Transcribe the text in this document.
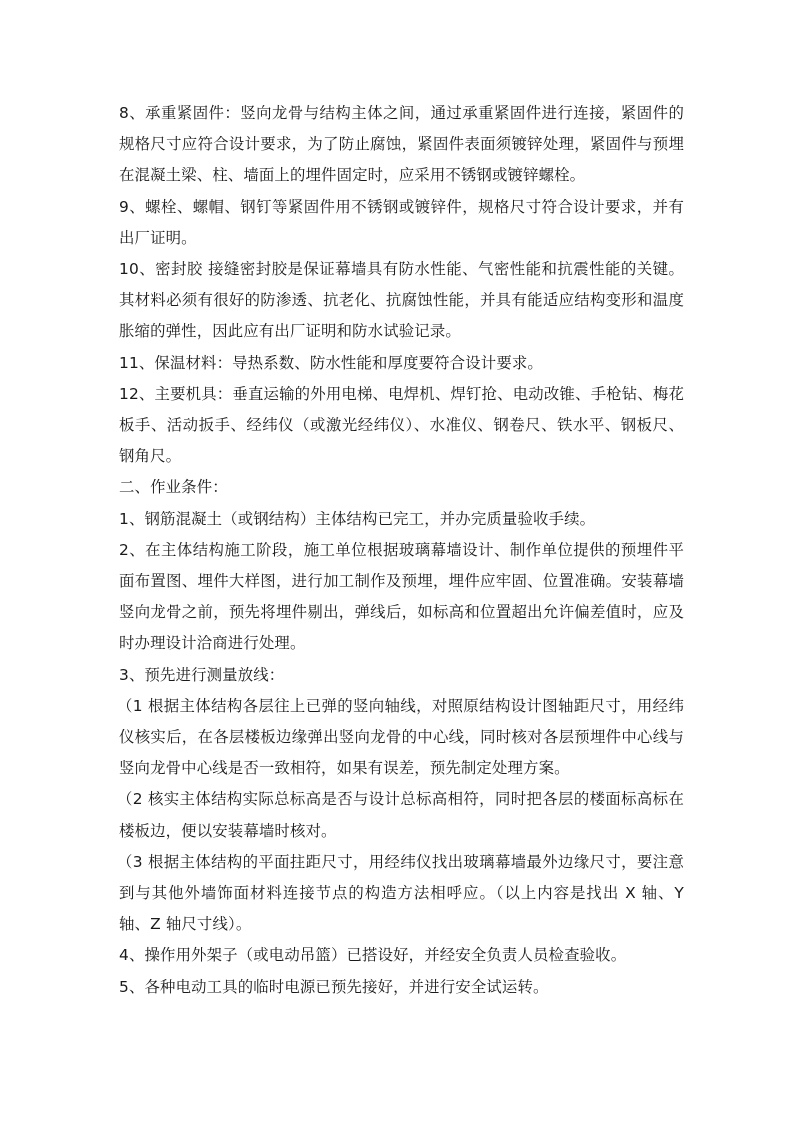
8、承重紧固件：竖向龙骨与结构主体之间，通过承重紧固件进行连接，紧固件的规格尺寸应符合设计要求，为了防止腐蚀，紧固件表面须镀锌处理，紧固件与预埋在混凝土梁、柱、墙面上的埋件固定时，应采用不锈钢或镀锌螺栓。

9、螺栓、螺帽、钢钉等紧固件用不锈钢或镀锌件，规格尺寸符合设计要求，并有出厂证明。

10、密封胶 接缝密封胶是保证幕墙具有防水性能、气密性能和抗震性能的关键。其材料必须有很好的防渗透、抗老化、抗腐蚀性能，并具有能适应结构变形和温度胀缩的弹性，因此应有出厂证明和防水试验记录。

11、保温材料：导热系数、防水性能和厚度要符合设计要求。

12、主要机具：垂直运输的外用电梯、电焊机、焊钉抢、电动改锥、手枪钻、梅花板手、活动扳手、经纬仪（或激光经纬仪）、水准仪、钢卷尺、铁水平、钢板尺、钢角尺。

二、作业条件：

1、钢筋混凝土（或钢结构）主体结构已完工，并办完质量验收手续。

2、在主体结构施工阶段，施工单位根据玻璃幕墙设计、制作单位提供的预埋件平面布置图、埋件大样图，进行加工制作及预埋，埋件应牢固、位置准确。安装幕墙竖向龙骨之前，预先将埋件剔出，弹线后，如标高和位置超出允许偏差值时，应及时办理设计洽商进行处理。

3、预先进行测量放线：

（1 根据主体结构各层往上已弹的竖向轴线，对照原结构设计图轴距尺寸，用经纬仪核实后，在各层楼板边缘弹出竖向龙骨的中心线，同时核对各层预埋件中心线与竖向龙骨中心线是否一致相符，如果有误差，预先制定处理方案。

（2 核实主体结构实际总标高是否与设计总标高相符，同时把各层的楼面标高标在楼板边，便以安装幕墙时核对。

（3 根据主体结构的平面拄距尺寸，用经纬仪找出玻璃幕墙最外边缘尺寸，要注意到与其他外墙饰面材料连接节点的构造方法相呼应。（以上内容是找出 X 轴、Y 轴、Z 轴尺寸线）。

4、操作用外架子（或电动吊篮）已搭设好，并经安全负责人员检查验收。

5、各种电动工具的临时电源已预先接好，并进行安全试运转。
